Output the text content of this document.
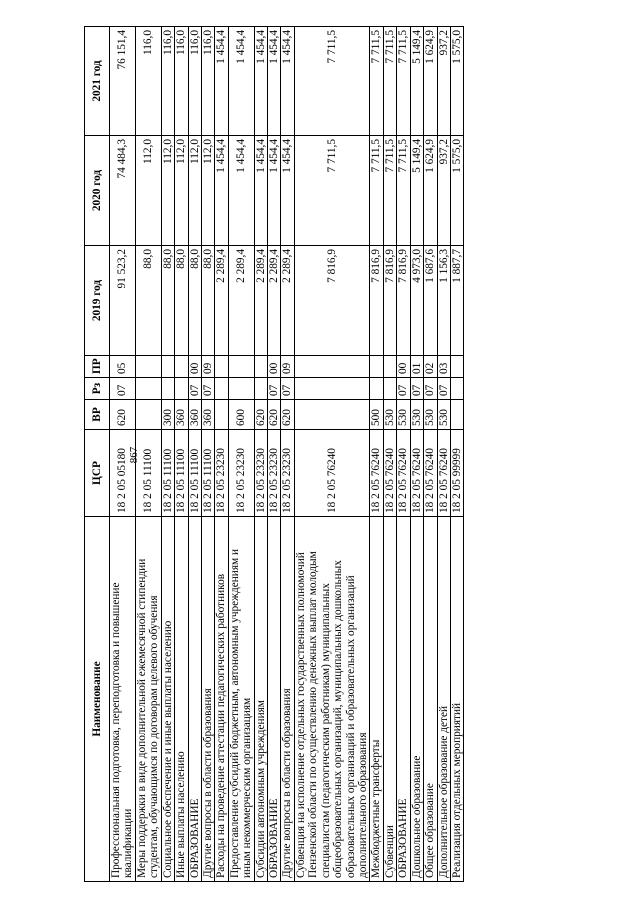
867
Наименование	ЦСР	ВР	Рз	ПР	2019 год	2020 год	2021 год
Профессиональная подготовка, переподготовка и повышение квалификации	18 2 05 05180	620	07	05	91 523,2	74 484,3	76 151,4
Меры поддержки в виде дополнительной ежемесячной стипендии студентам, обучающимся по договорам целевого обучения	18 2 05 11100				88,0	112,0	116,0
Социальное обеспечение и иные выплаты населению	18 2 05 11100	300			88,0	112,0	116,0
Иные выплаты населению	18 2 05 11100	360			88,0	112,0	116,0
ОБРАЗОВАНИЕ	18 2 05 11100	360	07	00	88,0	112,0	116,0
Другие вопросы в области образования	18 2 05 11100	360	07	09	88,0	112,0	116,0
Расходы на проведение аттестации педагогических работников	18 2 05 23230				2 289,4	1 454,4	1 454,4
Предоставление субсидий бюджетным, автономным учреждениям и иным некоммерческим организациям	18 2 05 23230	600			2 289,4	1 454,4	1 454,4
Субсидии автономным учреждениям	18 2 05 23230	620			2 289,4	1 454,4	1 454,4
ОБРАЗОВАНИЕ	18 2 05 23230	620	07	00	2 289,4	1 454,4	1 454,4
Другие вопросы в области образования	18 2 05 23230	620	07	09	2 289,4	1 454,4	1 454,4
Субвенция на исполнение отдельных государственных полномочий Пензенской области по осуществлению денежных выплат молодым специалистам (педагогическим работникам) муниципальных общеобразовательных организаций, муниципальных дошкольных образовательных организаций и образовательных организаций дополнительного образования	18 2 05 76240				7 816,9	7 711,5	7 711,5
Межбюджетные трансферты	18 2 05 76240	500			7 816,9	7 711,5	7 711,5
Субвенции	18 2 05 76240	530			7 816,9	7 711,5	7 711,5
ОБРАЗОВАНИЕ	18 2 05 76240	530	07	00	7 816,9	7 711,5	7 711,5
Дошкольное образование	18 2 05 76240	530	07	01	4 973,0	5 149,4	5 149,4
Общее образование	18 2 05 76240	530	07	02	1 687,6	1 624,9	1 624,9
Дополнительное образование детей	18 2 05 76240	530	07	03	1 156,3	937,2	937,2
Реализация отдельных мероприятий	18 2 05 99999				1 887,7	1 575,0	1 575,0
